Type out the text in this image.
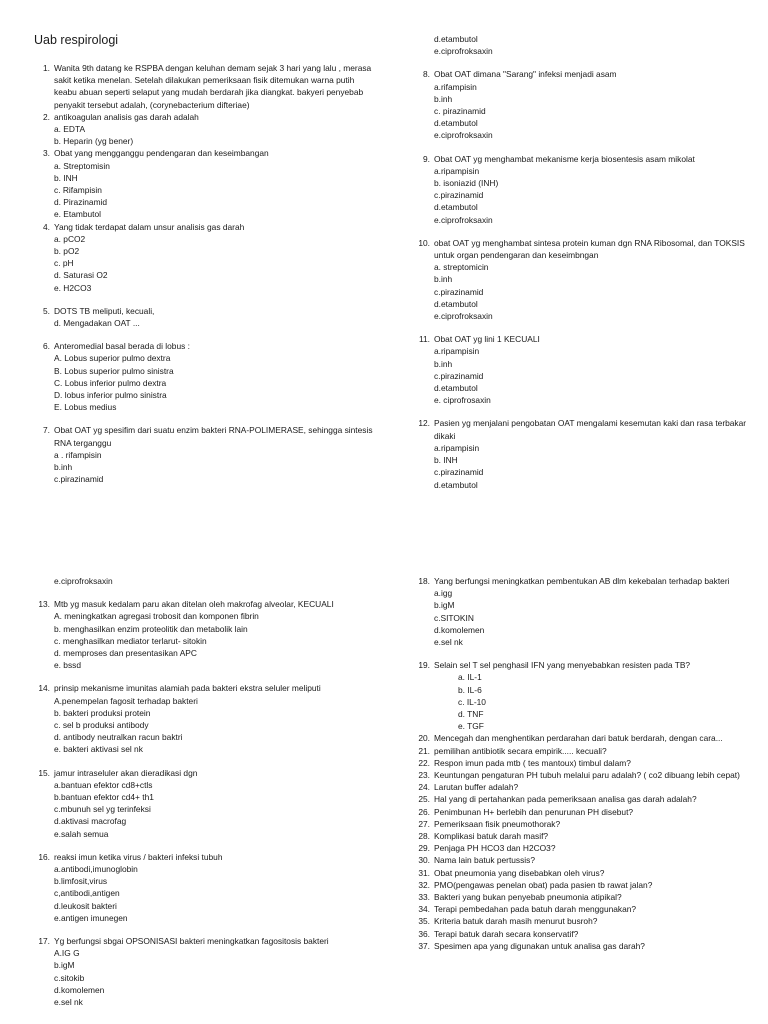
Uab respirologi
1. Wanita 9th datang ke RSPBA dengan keluhan demam sejak 3 hari yang lalu , merasa sakit ketika menelan. Setelah dilakukan pemeriksaan fisik ditemukan warna putih keabu abuan seperti selaput yang mudah berdarah jika diangkat. bakyeri penyebab penyakit tersebut adalah, (corynebacterium difteriae)
2. antikoagulan analisis gas darah adalah
a. EDTA
b. Heparin (yg bener)
3. Obat yang mengganggu pendengaran dan keseimbangan
a. Streptomisin
b. INH
c. Rifampisin
d. Pirazinamid
e. Etambutol
4. Yang tidak terdapat dalam unsur analisis gas darah
a. pCO2
b. pO2
c. pH
d. Saturasi O2
e. H2CO3
5. DOTS TB meliputi, kecuali,
d. Mengadakan OAT ...
6. Anteromedial basal berada di lobus :
A. Lobus superior pulmo dextra
B. Lobus superior pulmo sinistra
C. Lobus inferior pulmo dextra
D. lobus inferior pulmo sinistra
E. Lobus medius
7. Obat OAT yg spesifim dari suatu enzim bakteri RNA-POLIMERASE, sehingga sintesis RNA terganggu
a . rifampisin
b.inh
c.pirazinamid
d.etambutol
e.ciprofroksaxin
8. Obat OAT dimana "Sarang" infeksi menjadi asam
a.rifampisin
b.inh
c. pirazinamid
d.etambutol
e.ciprofroksaxin
9. Obat OAT yg menghambat mekanisme kerja biosentesis asam mikolat
a.ripampisin
b. isoniazid (INH)
c.pirazinamid
d.etambutol
e.ciprofroksaxin
10. obat OAT yg menghambat sintesa protein kuman dgn RNA Ribosomal, dan TOKSIS untuk organ pendengaran dan keseimbngan
a. streptomicin
b.inh
c.pirazinamid
d.etambutol
e.ciprofroksaxin
11. Obat OAT yg lini 1 KECUALI
a.ripampisin
b.inh
c.pirazinamid
d.etambutol
e. ciprofrosaxin
12. Pasien yg menjalani pengobatan OAT mengalami kesemutan kaki dan rasa terbakar dikaki
a.ripampisin
b. INH
c.pirazinamid
d.etambutol
e.ciprofroksaxin
13. Mtb yg masuk kedalam paru akan ditelan oleh makrofag alveolar, KECUALI
A. meningkatkan agregasi trobosit dan komponen fibrin
b. menghasilkan enzim proteolitik dan metabolik lain
c. menghasilkan mediator terlarut- sitokin
d. memproses dan presentasikan APC
e. bssd
14. prinsip mekanisme imunitas alamiah pada bakteri ekstra seluler meliputi
A.penempelan fagosit terhadap bakteri
b. bakteri produksi protein
c. sel b produksi antibody
d. antibody neutralkan racun baktri
e. bakteri aktivasi sel nk
15. jamur intraseluler akan dieradikasi dgn
a.bantuan efektor cd8+ctls
b.bantuan efektor cd4+ th1
c.mbunuh sel yg terinfeksi
d.aktivasi macrofag
e.salah semua
16. reaksi imun ketika virus / bakteri infeksi tubuh
a.antibodi,imunoglobin
b.limfosit,virus
c,antibodi,antigen
d.leukosit bakteri
e.antigen imunegen
17. Yg berfungsi sbgai OPSONISASI bakteri meningkatkan fagositosis bakteri
A.IG G
b.igM
c.sitokib
d.komolemen
e.sel nk
18. Yang berfungsi meningkatkan pembentukan AB dlm kekebalan terhadap bakteri
a.igg
b.igM
c.SITOKIN
d.komolemen
e.sel nk
19. Selain sel T sel penghasil IFN yang menyebabkan resisten pada TB?
a. IL-1
b. IL-6
c. IL-10
d. TNF
e. TGF
20. Mencegah dan menghentikan perdarahan dari batuk berdarah, dengan cara...
21. pemilihan antibiotik secara empirik..... kecuali?
22. Respon imun pada mtb ( tes mantoux) timbul dalam?
23. Keuntungan pengaturan PH tubuh melalui paru adalah? ( co2 dibuang lebih cepat)
24. Larutan buffer adalah?
25. Hal yang di pertahankan pada pemeriksaan analisa gas darah adalah?
26. Penimbunan H+ berlebih dan penurunan PH disebut?
27. Pemeriksaan fisik pneumothorak?
28. Komplikasi batuk darah masif?
29. Penjaga PH HCO3 dan H2CO3?
30. Nama lain batuk pertussis?
31. Obat pneumonia yang disebabkan oleh virus?
32. PMO(pengawas penelan obat) pada pasien tb rawat jalan?
33. Bakteri yang bukan penyebab pneumonia atipikal?
34. Terapi pembedahan pada batuh darah menggunakan?
35. Kriteria batuk darah masih menurut busroh?
36. Terapi batuk darah secara konservatif?
37. Spesimen apa yang digunakan untuk analisa gas darah?
